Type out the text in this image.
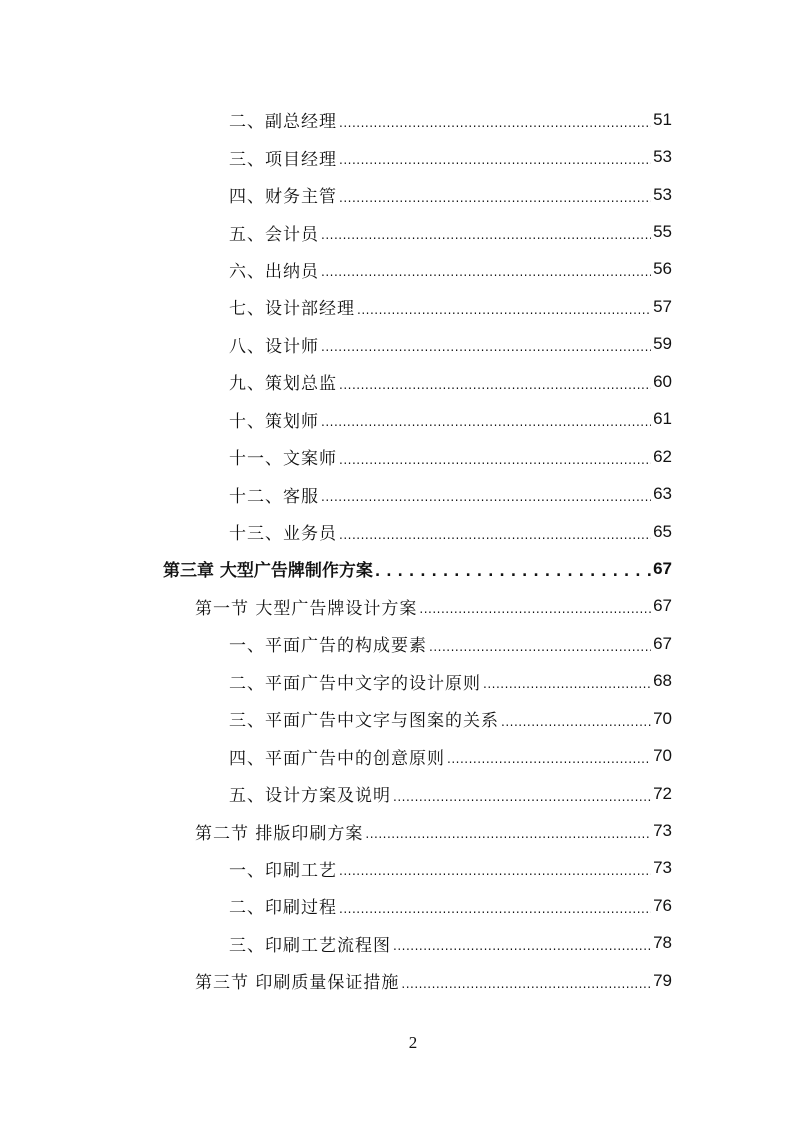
二、副总经理 .....	51
三、项目经理 .....	53
四、财务主管 .....	53
五、会计员 .....	55
六、出纳员 .....	56
七、设计部经理 .....	57
八、设计师 .....	59
九、策划总监 .....	60
十、策划师 .....	61
十一、文案师 .....	62
十二、客服 .....	63
十三、业务员 .....	65
第三章 大型广告牌制作方案 .....	67
第一节 大型广告牌设计方案 .....	67
一、平面广告的构成要素 .....	67
二、平面广告中文字的设计原则 .....	68
三、平面广告中文字与图案的关系 .....	70
四、平面广告中的创意原则 .....	70
五、设计方案及说明 .....	72
第二节 排版印刷方案 .....	73
一、印刷工艺 .....	73
二、印刷过程 .....	76
三、印刷工艺流程图 .....	78
第三节 印刷质量保证措施 .....	79
2
